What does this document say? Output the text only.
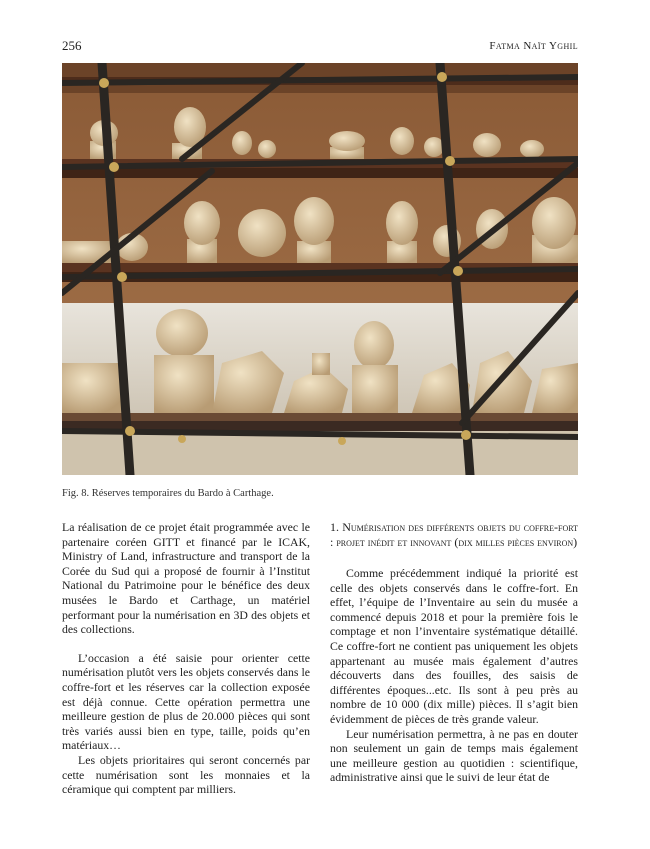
256	Fatma Naït Yghil
Fig. 8. Réserves temporaires du Bardo à Carthage.

La réalisation de ce projet était programmée avec le partenaire coréen GITT et financé par le ICAK, Ministry of Land, infrastructure and transport de la Corée du Sud qui a proposé de fournir à l’Institut National du Patrimoine pour le bénéfice des deux musées le Bardo et Carthage, un matériel performant pour la numérisation en 3D des objets et des collections.

L’occasion a été saisie pour orienter cette numérisation plutôt vers les objets conservés dans le coffre-fort et les réserves car la collection exposée est déjà connue. Cette opération permettra une meilleure gestion de plus de 20.000 pièces qui sont très variés aussi bien en type, taille, poids qu’en matériaux…

Les objets prioritaires qui seront concernés par cette numérisation sont les monnaies et la céramique qui comptent par milliers.

1. Numérisation des différents objets du coffre-fort : projet inédit et innovant (dix milles pièces environ)

Comme précédemment indiqué la priorité est celle des objets conservés dans le coffre-fort. En effet, l’équipe de l’Inventaire au sein du musée a commencé depuis 2018 et pour la première fois le comptage et non l’inventaire systématique détaillé. Ce coffre-fort ne contient pas uniquement les objets appartenant au musée mais également d’autres découverts dans des fouilles, des saisis de différentes époques...etc. Ils sont à peu près au nombre de 10 000 (dix mille) pièces. Il s’agit bien évidemment de pièces de très grande valeur.

Leur numérisation permettra, à ne pas en douter non seulement un gain de temps mais également une meilleure gestion au quotidien : scientifique, administrative ainsi que le suivi de leur état de
